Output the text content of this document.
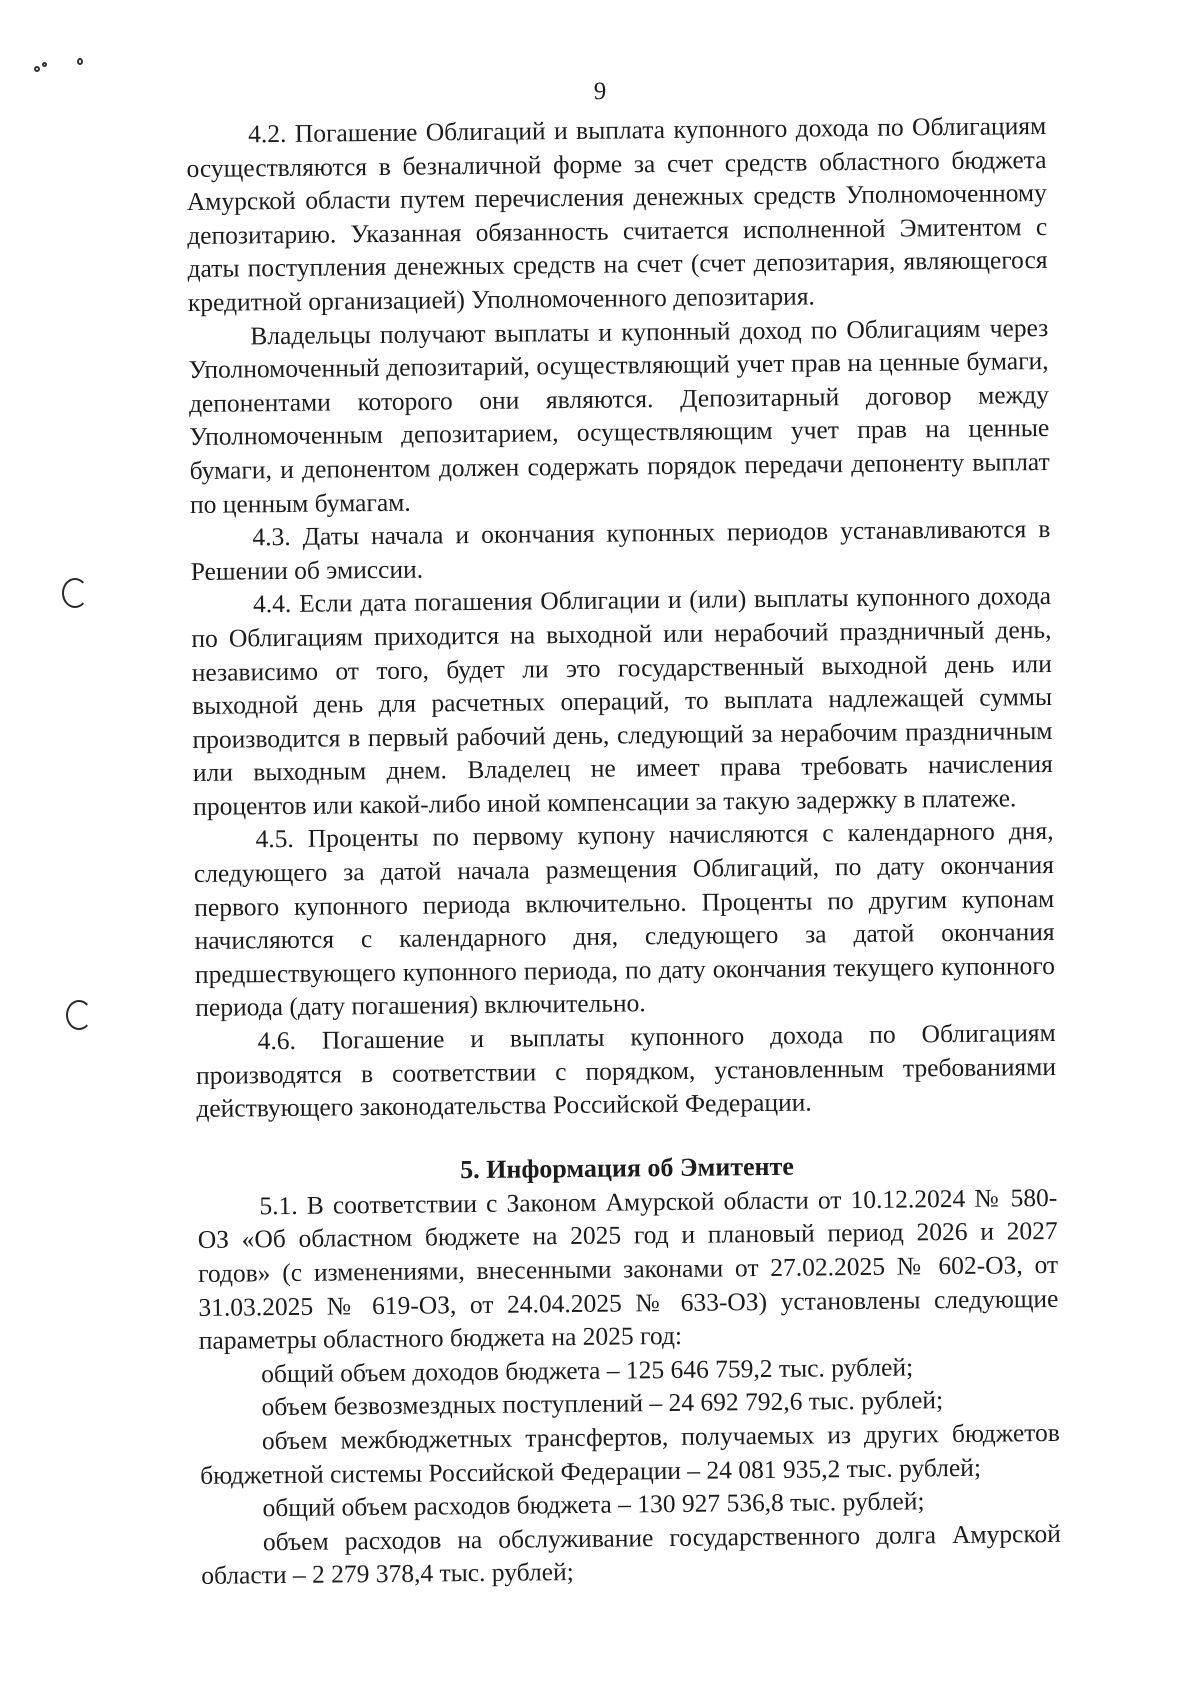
9

4.2. Погашение Облигаций и выплата купонного дохода по Облигациям осуществляются в безналичной форме за счет средств областного бюджета Амурской области путем перечисления денежных средств Уполномоченному депозитарию. Указанная обязанность считается исполненной Эмитентом с даты поступления денежных средств на счет (счет депозитария, являющегося кредитной организацией) Уполномоченного депозитария.

Владельцы получают выплаты и купонный доход по Облигациям через Уполномоченный депозитарий, осуществляющий учет прав на ценные бумаги, депонентами которого они являются. Депозитарный договор между Уполномоченным депозитарием, осуществляющим учет прав на ценные бумаги, и депонентом должен содержать порядок передачи депоненту выплат по ценным бумагам.

4.3. Даты начала и окончания купонных периодов устанавливаются в Решении об эмиссии.

4.4. Если дата погашения Облигации и (или) выплаты купонного дохода по Облигациям приходится на выходной или нерабочий праздничный день, независимо от того, будет ли это государственный выходной день или выходной день для расчетных операций, то выплата надлежащей суммы производится в первый рабочий день, следующий за нерабочим праздничным или выходным днем. Владелец не имеет права требовать начисления процентов или какой-либо иной компенсации за такую задержку в платеже.

4.5. Проценты по первому купону начисляются с календарного дня, следующего за датой начала размещения Облигаций, по дату окончания первого купонного периода включительно. Проценты по другим купонам начисляются с календарного дня, следующего за датой окончания предшествующего купонного периода, по дату окончания текущего купонного периода (дату погашения) включительно.

4.6. Погашение и выплаты купонного дохода по Облигациям производятся в соответствии с порядком, установленным требованиями действующего законодательства Российской Федерации.

5. Информация об Эмитенте

5.1. В соответствии с Законом Амурской области от 10.12.2024 № 580-ОЗ «Об областном бюджете на 2025 год и плановый период 2026 и 2027 годов» (с изменениями, внесенными законами от 27.02.2025 № 602-ОЗ, от 31.03.2025 № 619-ОЗ, от 24.04.2025 № 633-ОЗ) установлены следующие параметры областного бюджета на 2025 год:

общий объем доходов бюджета – 125 646 759,2 тыс. рублей;

объем безвозмездных поступлений – 24 692 792,6 тыс. рублей;

объем межбюджетных трансфертов, получаемых из других бюджетов бюджетной системы Российской Федерации – 24 081 935,2 тыс. рублей;

общий объем расходов бюджета – 130 927 536,8 тыс. рублей;

объем расходов на обслуживание государственного долга Амурской области – 2 279 378,4 тыс. рублей;
